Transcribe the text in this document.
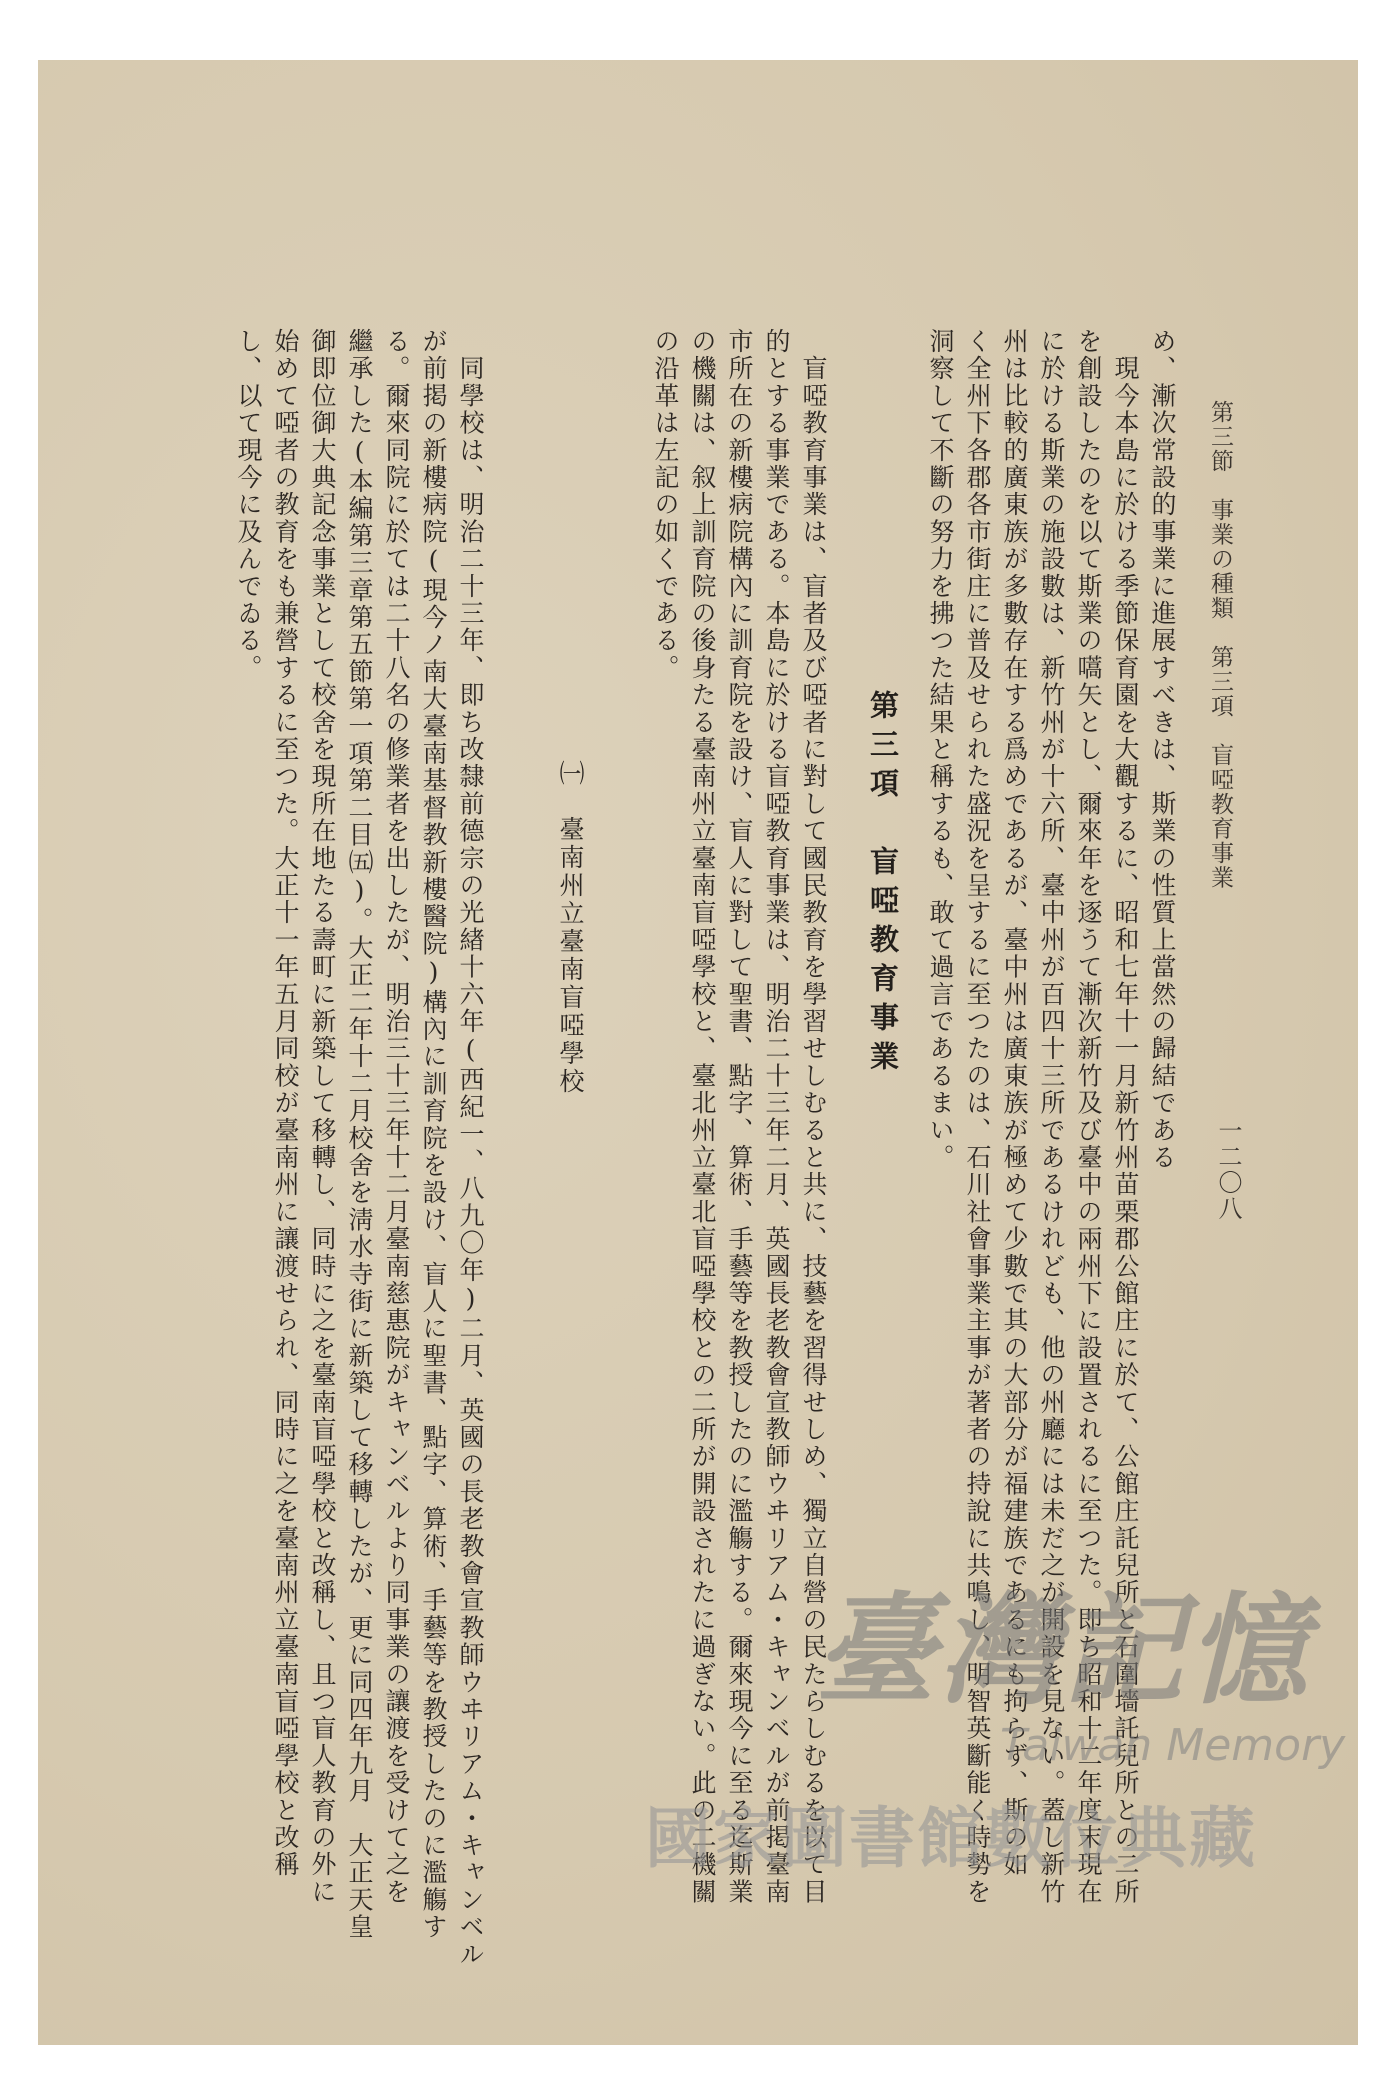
第三節　事業の種類　第三項　盲啞教育事業
一二〇八
め、漸次常設的事業に進展すべきは、斯業の性質上當然の歸結である
　現今本島に於ける季節保育園を大觀するに、昭和七年十一月新竹州苗栗郡公館庄に於て、公館庄託兒所と石圍墻託兒所との二所
を創設したのを以て斯業の嚆矢とし、爾來年を逐うて漸次新竹及び臺中の兩州下に設置されるに至つた。即ち昭和十二年度末現在
に於ける斯業の施設數は、新竹州が十六所、臺中州が百四十三所であるけれども、他の州廳には未だ之が開設を見ない。蓋し新竹
州は比較的廣東族が多數存在する爲めであるが、臺中州は廣東族が極めて少數で其の大部分が福建族であるにも拘らず、斯の如
く全州下各郡各市街庄に普及せられた盛況を呈するに至つたのは、石川社會事業主事が著者の持說に共鳴し、明智英斷能く時勢を
洞察して不斷の努力を拂つた結果と稱するも、敢て過言であるまい。
第三項　盲啞教育事業
　盲啞教育事業は、盲者及び啞者に對して國民教育を學習せしむると共に、技藝を習得せしめ、獨立自營の民たらしむるを以て目
的とする事業である。本島に於ける盲啞教育事業は、明治二十三年二月、英國長老教會宣教師ウヰリアム・キャンベルが前掲臺南
市所在の新樓病院構內に訓育院を設け、盲人に對して聖書、點字、算術、手藝等を教授したのに濫觴する。爾來現今に至る迄斯業
の機關は、叙上訓育院の後身たる臺南州立臺南盲啞學校と、臺北州立臺北盲啞學校との二所が開設されたに過ぎない。此の二機關
の沿革は左記の如くである。
㈠　臺南州立臺南盲啞學校
　同學校は、明治二十三年、即ち改隸前德宗の光緖十六年(西紀一、八九〇年)二月、英國の長老教會宣教師ウヰリアム・キャンベル
が前掲の新樓病院(現今ノ南大臺南基督教新樓醫院)構內に訓育院を設け、盲人に聖書、點字、算術、手藝等を教授したのに濫觴す
る。爾來同院に於ては二十八名の修業者を出したが、明治三十三年十二月臺南慈惠院がキャンベルより同事業の讓渡を受けて之を
繼承した(本編第三章第五節第一項第二目㈤)。大正二年十二月校舍を淸水寺街に新築して移轉したが、更に同四年九月　大正天皇
御即位御大典記念事業として校舍を現所在地たる壽町に新築して移轉し、同時に之を臺南盲啞學校と改稱し、且つ盲人教育の外に
始めて啞者の教育をも兼營するに至つた。大正十一年五月同校が臺南州に讓渡せられ、同時に之を臺南州立臺南盲啞學校と改稱
し、以て現今に及んでゐる。
臺灣記憶
Taiwan Memory
國家圖書館數位典藏
